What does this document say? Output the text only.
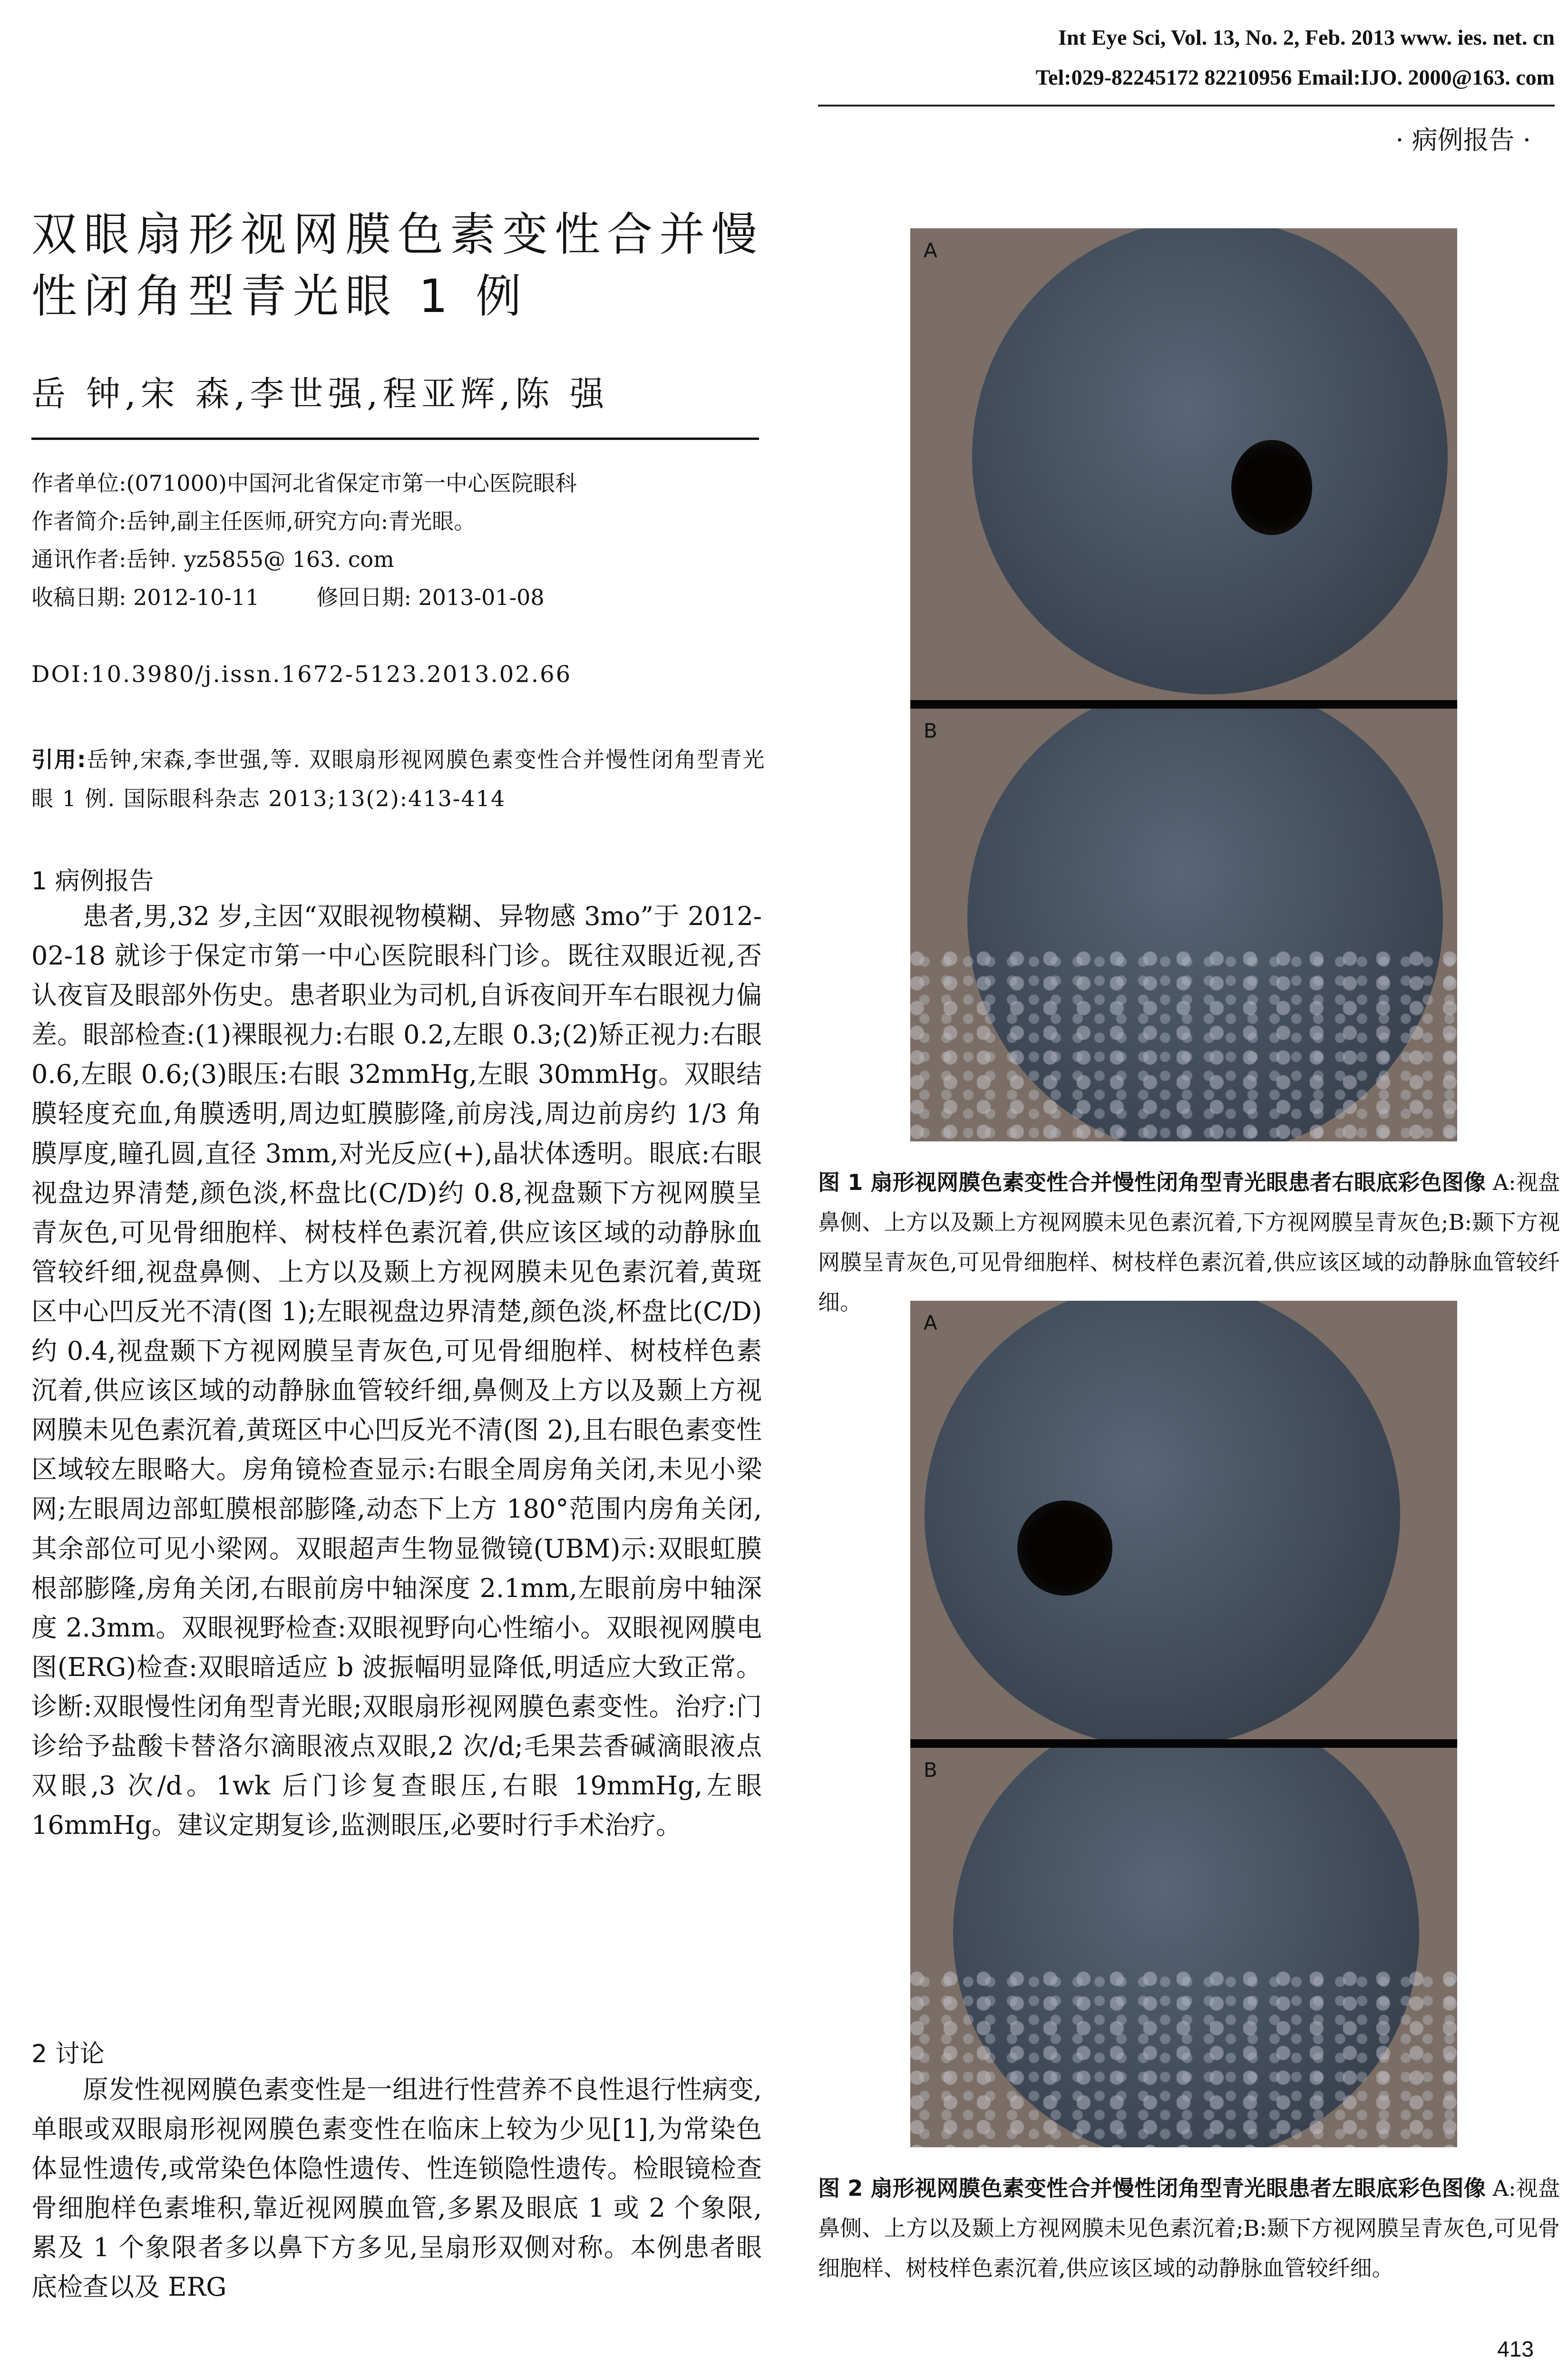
Int Eye Sci, Vol. 13, No. 2, Feb. 2013 www. ies. net. cn
Tel:029-82245172 82210956 Email:IJO. 2000@163. com
· 病例报告 ·
双眼扇形视网膜色素变性合并慢性闭角型青光眼 1 例
岳 钟,宋 森,李世强,程亚辉,陈 强
作者单位:(071000)中国河北省保定市第一中心医院眼科
作者简介:岳钟,副主任医师,研究方向:青光眼。
通讯作者:岳钟. yz5855@ 163. com
收稿日期: 2012-10-11	修回日期: 2013-01-08
DOI:10.3980/j.issn.1672-5123.2013.02.66
引用:岳钟,宋森,李世强,等. 双眼扇形视网膜色素变性合并慢性闭角型青光眼 1 例. 国际眼科杂志 2013;13(2):413-414
1 病例报告
患者,男,32 岁,主因“双眼视物模糊、异物感 3mo”于 2012-02-18 就诊于保定市第一中心医院眼科门诊。既往双眼近视,否认夜盲及眼部外伤史。患者职业为司机,自诉夜间开车右眼视力偏差。眼部检查:(1)裸眼视力:右眼 0.2,左眼 0.3;(2)矫正视力:右眼 0.6,左眼 0.6;(3)眼压:右眼 32mmHg,左眼 30mmHg。双眼结膜轻度充血,角膜透明,周边虹膜膨隆,前房浅,周边前房约 1/3 角膜厚度,瞳孔圆,直径 3mm,对光反应(+),晶状体透明。眼底:右眼视盘边界清楚,颜色淡,杯盘比(C/D)约 0.8,视盘颞下方视网膜呈青灰色,可见骨细胞样、树枝样色素沉着,供应该区域的动静脉血管较纤细,视盘鼻侧、上方以及颞上方视网膜未见色素沉着,黄斑区中心凹反光不清(图 1);左眼视盘边界清楚,颜色淡,杯盘比(C/D)约 0.4,视盘颞下方视网膜呈青灰色,可见骨细胞样、树枝样色素沉着,供应该区域的动静脉血管较纤细,鼻侧及上方以及颞上方视网膜未见色素沉着,黄斑区中心凹反光不清(图 2),且右眼色素变性区域较左眼略大。房角镜检查显示:右眼全周房角关闭,未见小梁网;左眼周边部虹膜根部膨隆,动态下上方 180°范围内房角关闭,其余部位可见小梁网。双眼超声生物显微镜(UBM)示:双眼虹膜根部膨隆,房角关闭,右眼前房中轴深度 2.1mm,左眼前房中轴深度 2.3mm。双眼视野检查:双眼视野向心性缩小。双眼视网膜电图(ERG)检查:双眼暗适应 b 波振幅明显降低,明适应大致正常。诊断:双眼慢性闭角型青光眼;双眼扇形视网膜色素变性。治疗:门诊给予盐酸卡替洛尔滴眼液点双眼,2 次/d;毛果芸香碱滴眼液点双眼,3 次/d。1wk 后门诊复查眼压,右眼 19mmHg,左眼 16mmHg。建议定期复诊,监测眼压,必要时行手术治疗。
2 讨论
原发性视网膜色素变性是一组进行性营养不良性退行性病变,单眼或双眼扇形视网膜色素变性在临床上较为少见[1],为常染色体显性遗传,或常染色体隐性遗传、性连锁隐性遗传。检眼镜检查骨细胞样色素堆积,靠近视网膜血管,多累及眼底 1 或 2 个象限,累及 1 个象限者多以鼻下方多见,呈扇形双侧对称。本例患者眼底检查以及 ERG
A
B
图 1 扇形视网膜色素变性合并慢性闭角型青光眼患者右眼底彩色图像 A:视盘鼻侧、上方以及颞上方视网膜未见色素沉着,下方视网膜呈青灰色;B:颞下方视网膜呈青灰色,可见骨细胞样、树枝样色素沉着,供应该区域的动静脉血管较纤细。
A
B
图 2 扇形视网膜色素变性合并慢性闭角型青光眼患者左眼底彩色图像 A:视盘鼻侧、上方以及颞上方视网膜未见色素沉着;B:颞下方视网膜呈青灰色,可见骨细胞样、树枝样色素沉着,供应该区域的动静脉血管较纤细。
413
